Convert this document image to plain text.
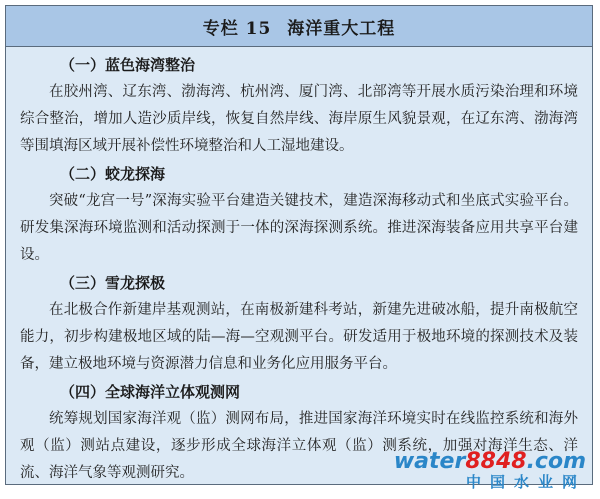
专栏 15 海洋重大工程
（一）蓝色海湾整治

在胶州湾、辽东湾、渤海湾、杭州湾、厦门湾、北部湾等开展水质污染治理和环境综合整治，增加人造沙质岸线，恢复自然岸线、海岸原生风貌景观，在辽东湾、渤海湾等围填海区域开展补偿性环境整治和人工湿地建设。

（二）蛟龙探海

突破“龙宫一号”深海实验平台建造关键技术，建造深海移动式和坐底式实验平台。研发集深海环境监测和活动探测于一体的深海探测系统。推进深海装备应用共享平台建设。

（三）雪龙探极

在北极合作新建岸基观测站，在南极新建科考站，新建先进破冰船，提升南极航空能力，初步构建极地区域的陆—海—空观测平台。研发适用于极地环境的探测技术及装备，建立极地环境与资源潜力信息和业务化应用服务平台。

（四）全球海洋立体观测网

统筹规划国家海洋观（监）测网布局，推进国家海洋环境实时在线监控系统和海外观（监）测站点建设，逐步形成全球海洋立体观（监）测系统，加强对海洋生态、洋流、海洋气象等观测研究。	water8848.com
中国水业网
